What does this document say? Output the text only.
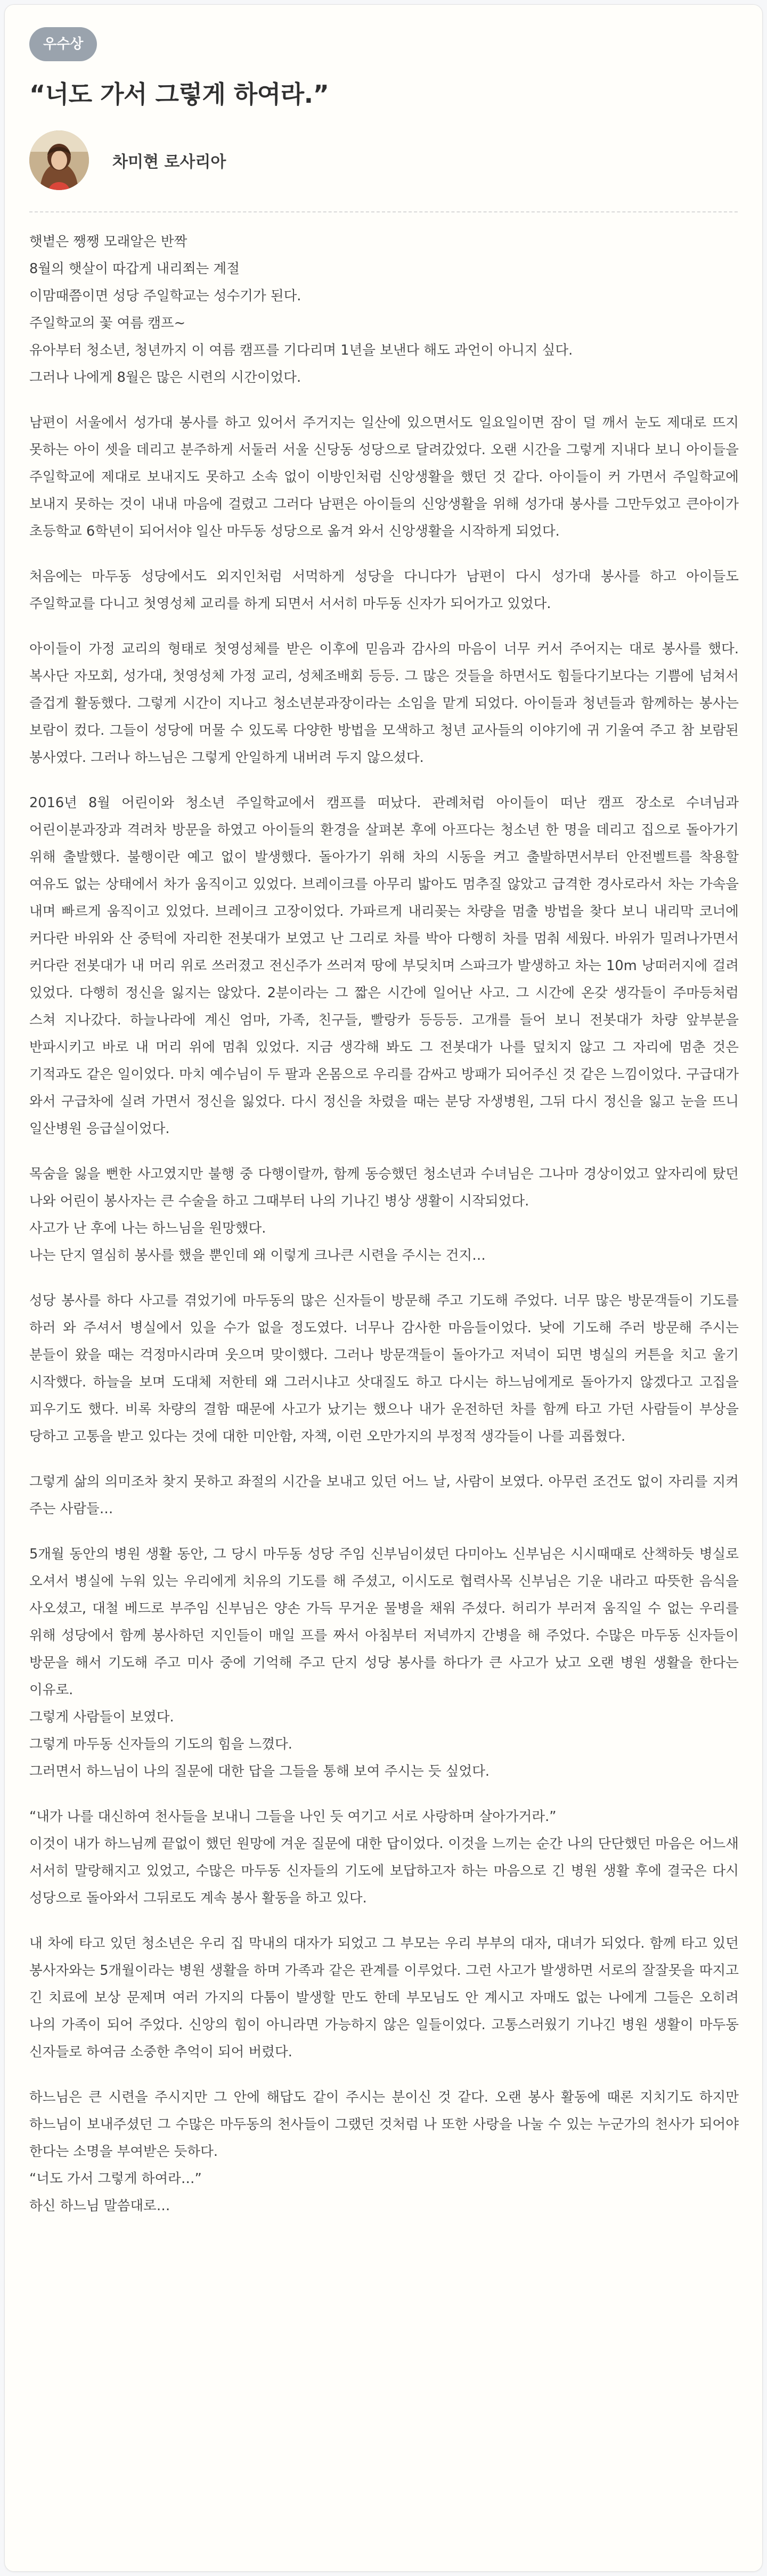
우수상
“너도 가서 그렇게 하여라.”
차미현 로사리아

햇볕은 쨍쨍 모래알은 반짝
8월의 햇살이 따갑게 내리쬐는 계절
이맘때쯤이면 성당 주일학교는 성수기가 된다.
주일학교의 꽃 여름 캠프~
유아부터 청소년, 청년까지 이 여름 캠프를 기다리며 1년을 보낸다 해도 과언이 아니지 싶다.
그러나 나에게 8월은 많은 시련의 시간이었다.

남편이 서울에서 성가대 봉사를 하고 있어서 주거지는 일산에 있으면서도 일요일이면 잠이 덜 깨서 눈도 제대로 뜨지 못하는 아이 셋을 데리고 분주하게 서둘러 서울 신당동 성당으로 달려갔었다. 오랜 시간을 그렇게 지내다 보니 아이들을 주일학교에 제대로 보내지도 못하고 소속 없이 이방인처럼 신앙생활을 했던 것 같다. 아이들이 커 가면서 주일학교에 보내지 못하는 것이 내내 마음에 걸렸고 그러다 남편은 아이들의 신앙생활을 위해 성가대 봉사를 그만두었고 큰아이가 초등학교 6학년이 되어서야 일산 마두동 성당으로 옮겨 와서 신앙생활을 시작하게 되었다.

처음에는 마두동 성당에서도 외지인처럼 서먹하게 성당을 다니다가 남편이 다시 성가대 봉사를 하고 아이들도 주일학교를 다니고 첫영성체 교리를 하게 되면서 서서히 마두동 신자가 되어가고 있었다.

아이들이 가정 교리의 형태로 첫영성체를 받은 이후에 믿음과 감사의 마음이 너무 커서 주어지는 대로 봉사를 했다. 복사단 자모회, 성가대, 첫영성체 가정 교리, 성체조배회 등등. 그 많은 것들을 하면서도 힘들다기보다는 기쁨에 넘쳐서 즐겁게 활동했다. 그렇게 시간이 지나고 청소년분과장이라는 소임을 맡게 되었다. 아이들과 청년들과 함께하는 봉사는 보람이 컸다. 그들이 성당에 머물 수 있도록 다양한 방법을 모색하고 청년 교사들의 이야기에 귀 기울여 주고 참 보람된 봉사였다. 그러나 하느님은 그렇게 안일하게 내버려 두지 않으셨다.

2016년 8월 어린이와 청소년 주일학교에서 캠프를 떠났다. 관례처럼 아이들이 떠난 캠프 장소로 수녀님과 어린이분과장과 격려차 방문을 하였고 아이들의 환경을 살펴본 후에 아프다는 청소년 한 명을 데리고 집으로 돌아가기 위해 출발했다. 불행이란 예고 없이 발생했다. 돌아가기 위해 차의 시동을 켜고 출발하면서부터 안전벨트를 착용할 여유도 없는 상태에서 차가 움직이고 있었다. 브레이크를 아무리 밟아도 멈추질 않았고 급격한 경사로라서 차는 가속을 내며 빠르게 움직이고 있었다. 브레이크 고장이었다. 가파르게 내리꽂는 차량을 멈출 방법을 찾다 보니 내리막 코너에 커다란 바위와 산 중턱에 자리한 전봇대가 보였고 난 그리로 차를 박아 다행히 차를 멈춰 세웠다. 바위가 밀려나가면서 커다란 전봇대가 내 머리 위로 쓰러졌고 전신주가 쓰러져 땅에 부딪치며 스파크가 발생하고 차는 10m 낭떠러지에 걸려 있었다. 다행히 정신을 잃지는 않았다. 2분이라는 그 짧은 시간에 일어난 사고. 그 시간에 온갖 생각들이 주마등처럼 스쳐 지나갔다. 하늘나라에 계신 엄마, 가족, 친구들, 빨랑카 등등등. 고개를 들어 보니 전봇대가 차량 앞부분을 반파시키고 바로 내 머리 위에 멈춰 있었다. 지금 생각해 봐도 그 전봇대가 나를 덮치지 않고 그 자리에 멈춘 것은 기적과도 같은 일이었다. 마치 예수님이 두 팔과 온몸으로 우리를 감싸고 방패가 되어주신 것 같은 느낌이었다. 구급대가 와서 구급차에 실려 가면서 정신을 잃었다. 다시 정신을 차렸을 때는 분당 자생병원, 그뒤 다시 정신을 잃고 눈을 뜨니 일산병원 응급실이었다.

목숨을 잃을 뻔한 사고였지만 불행 중 다행이랄까, 함께 동승했던 청소년과 수녀님은 그나마 경상이었고 앞자리에 탔던 나와 어린이 봉사자는 큰 수술을 하고 그때부터 나의 기나긴 병상 생활이 시작되었다.
사고가 난 후에 나는 하느님을 원망했다.
나는 단지 열심히 봉사를 했을 뿐인데 왜 이렇게 크나큰 시련을 주시는 건지…

성당 봉사를 하다 사고를 겪었기에 마두동의 많은 신자들이 방문해 주고 기도해 주었다. 너무 많은 방문객들이 기도를 하러 와 주셔서 병실에서 있을 수가 없을 정도였다. 너무나 감사한 마음들이었다. 낮에 기도해 주러 방문해 주시는 분들이 왔을 때는 걱정마시라며 웃으며 맞이했다. 그러나 방문객들이 돌아가고 저녁이 되면 병실의 커튼을 치고 울기 시작했다. 하늘을 보며 도대체 저한테 왜 그러시냐고 삿대질도 하고 다시는 하느님에게로 돌아가지 않겠다고 고집을 피우기도 했다. 비록 차량의 결함 때문에 사고가 났기는 했으나 내가 운전하던 차를 함께 타고 가던 사람들이 부상을 당하고 고통을 받고 있다는 것에 대한 미안함, 자책, 이런 오만가지의 부정적 생각들이 나를 괴롭혔다.

그렇게 삶의 의미조차 찾지 못하고 좌절의 시간을 보내고 있던 어느 날, 사람이 보였다. 아무런 조건도 없이 자리를 지켜 주는 사람들…

5개월 동안의 병원 생활 동안, 그 당시 마두동 성당 주임 신부님이셨던 다미아노 신부님은 시시때때로 산책하듯 병실로 오셔서 병실에 누워 있는 우리에게 치유의 기도를 해 주셨고, 이시도로 협력사목 신부님은 기운 내라고 따뜻한 음식을 사오셨고, 대철 베드로 부주임 신부님은 양손 가득 무거운 물병을 채워 주셨다. 허리가 부러져 움직일 수 없는 우리를 위해 성당에서 함께 봉사하던 지인들이 매일 프를 짜서 아침부터 저녁까지 간병을 해 주었다. 수많은 마두동 신자들이 방문을 해서 기도해 주고 미사 중에 기억해 주고 단지 성당 봉사를 하다가 큰 사고가 났고 오랜 병원 생활을 한다는 이유로.
그렇게 사람들이 보였다.
그렇게 마두동 신자들의 기도의 힘을 느꼈다.
그러면서 하느님이 나의 질문에 대한 답을 그들을 통해 보여 주시는 듯 싶었다.

“내가 나를 대신하여 천사들을 보내니 그들을 나인 듯 여기고 서로 사랑하며 살아가거라.”
이것이 내가 하느님께 끝없이 했던 원망에 겨운 질문에 대한 답이었다. 이것을 느끼는 순간 나의 단단했던 마음은 어느새 서서히 말랑해지고 있었고, 수많은 마두동 신자들의 기도에 보답하고자 하는 마음으로 긴 병원 생활 후에 결국은 다시 성당으로 돌아와서 그뒤로도 계속 봉사 활동을 하고 있다.

내 차에 타고 있던 청소년은 우리 집 막내의 대자가 되었고 그 부모는 우리 부부의 대자, 대녀가 되었다. 함께 타고 있던 봉사자와는 5개월이라는 병원 생활을 하며 가족과 같은 관계를 이루었다. 그런 사고가 발생하면 서로의 잘잘못을 따지고 긴 치료에 보상 문제며 여러 가지의 다툼이 발생할 만도 한데 부모님도 안 계시고 자매도 없는 나에게 그들은 오히려 나의 가족이 되어 주었다. 신앙의 힘이 아니라면 가능하지 않은 일들이었다. 고통스러웠기 기나긴 병원 생활이 마두동 신자들로 하여금 소중한 추억이 되어 버렸다.

하느님은 큰 시련을 주시지만 그 안에 해답도 같이 주시는 분이신 것 같다. 오랜 봉사 활동에 때론 지치기도 하지만 하느님이 보내주셨던 그 수많은 마두동의 천사들이 그랬던 것처럼 나 또한 사랑을 나눌 수 있는 누군가의 천사가 되어야 한다는 소명을 부여받은 듯하다.
“너도 가서 그렇게 하여라…”
하신 하느님 말씀대로…
